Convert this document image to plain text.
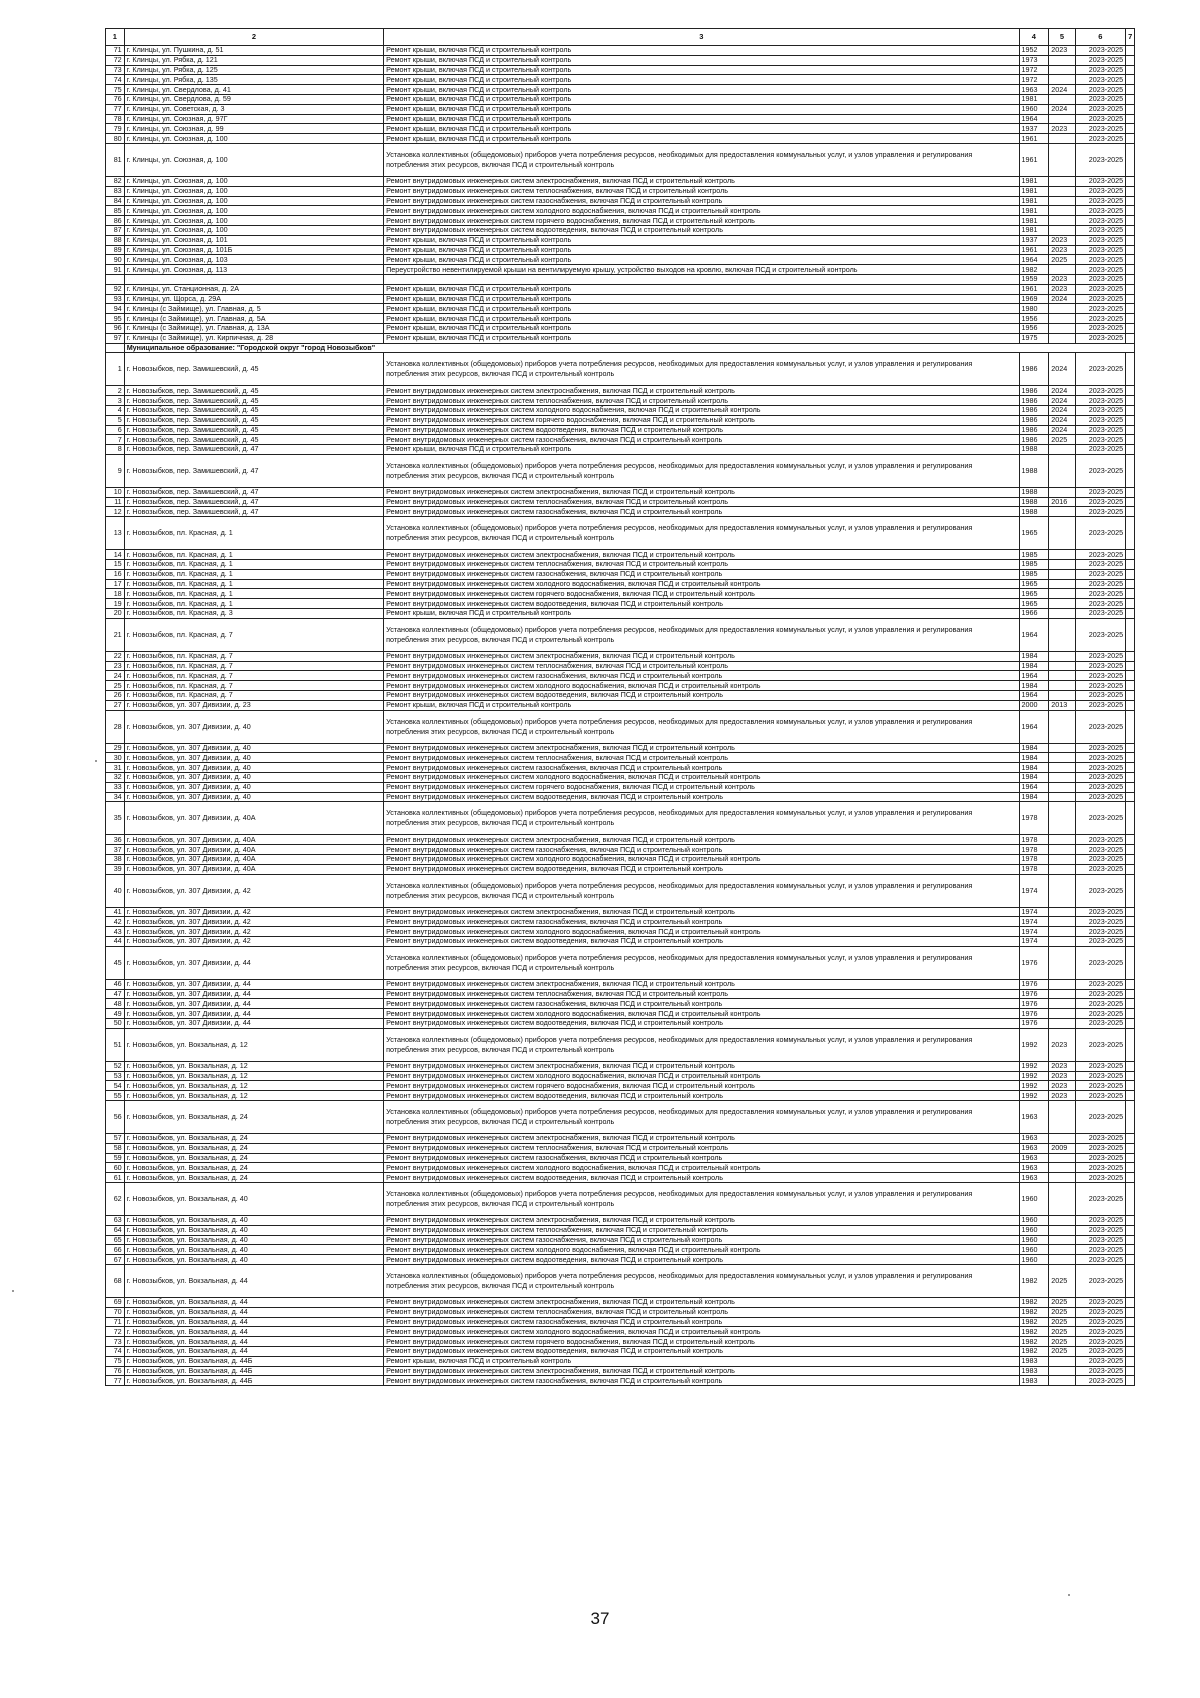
1	2	3	4	5	6	7
71	г. Клинцы, ул. Пушкина, д. 51	Ремонт крыши, включая ПСД и строительный контроль	1952	2023	2023-2025	
72	г. Клинцы, ул. Рябка, д. 121	Ремонт крыши, включая ПСД и строительный контроль	1973		2023-2025	
73	г. Клинцы, ул. Рябка, д. 125	Ремонт крыши, включая ПСД и строительный контроль	1972		2023-2025	
74	г. Клинцы, ул. Рябка, д. 135	Ремонт крыши, включая ПСД и строительный контроль	1972		2023-2025	
75	г. Клинцы, ул. Свердлова, д. 41	Ремонт крыши, включая ПСД и строительный контроль	1963	2024	2023-2025	
76	г. Клинцы, ул. Свердлова, д. 59	Ремонт крыши, включая ПСД и строительный контроль	1981		2023-2025	
77	г. Клинцы, ул. Советская, д. 3	Ремонт крыши, включая ПСД и строительный контроль	1960	2024	2023-2025	
78	г. Клинцы, ул. Союзная, д. 97Г	Ремонт крыши, включая ПСД и строительный контроль	1964		2023-2025	
79	г. Клинцы, ул. Союзная, д. 99	Ремонт крыши, включая ПСД и строительный контроль	1937	2023	2023-2025	
80	г. Клинцы, ул. Союзная, д. 100	Ремонт крыши, включая ПСД и строительный контроль	1961		2023-2025	
81	г. Клинцы, ул. Союзная, д. 100	Установка коллективных (общедомовых) приборов учета потребления ресурсов, необходимых для предоставления коммунальных услуг, и узлов управления и регулирования потребления этих ресурсов, включая ПСД и строительный контроль	1961		2023-2025	
82	г. Клинцы, ул. Союзная, д. 100	Ремонт внутридомовых инженерных систем электроснабжения, включая ПСД и строительный контроль	1981		2023-2025	
83	г. Клинцы, ул. Союзная, д. 100	Ремонт внутридомовых инженерных систем теплоснабжения, включая ПСД и строительный контроль	1981		2023-2025	
84	г. Клинцы, ул. Союзная, д. 100	Ремонт внутридомовых инженерных систем газоснабжения, включая ПСД и строительный контроль	1981		2023-2025	
85	г. Клинцы, ул. Союзная, д. 100	Ремонт внутридомовых инженерных систем холодного водоснабжения, включая ПСД и строительный контроль	1981		2023-2025	
86	г. Клинцы, ул. Союзная, д. 100	Ремонт внутридомовых инженерных систем горячего водоснабжения, включая ПСД и строительный контроль	1981		2023-2025	
87	г. Клинцы, ул. Союзная, д. 100	Ремонт внутридомовых инженерных систем водоотведения, включая ПСД и строительный контроль	1981		2023-2025	
88	г. Клинцы, ул. Союзная, д. 101	Ремонт крыши, включая ПСД и строительный контроль	1937	2023	2023-2025	
89	г. Клинцы, ул. Союзная, д. 101Б	Ремонт крыши, включая ПСД и строительный контроль	1961	2023	2023-2025	
90	г. Клинцы, ул. Союзная, д. 103	Ремонт крыши, включая ПСД и строительный контроль	1964	2025	2023-2025	
91	г. Клинцы, ул. Союзная, д. 113	Переустройство невентилируемой крыши на вентилируемую крышу, устройство выходов на кровлю, включая ПСД и строительный контроль	1982		2023-2025	
			1959	2023	2023-2025	
92	г. Клинцы, ул. Станционная, д. 2А	Ремонт крыши, включая ПСД и строительный контроль	1961	2023	2023-2025	
93	г. Клинцы, ул. Щорса, д. 29А	Ремонт крыши, включая ПСД и строительный контроль	1969	2024	2023-2025	
94	г. Клинцы (с Займище), ул. Главная, д. 5	Ремонт крыши, включая ПСД и строительный контроль	1980		2023-2025	
95	г. Клинцы (с Займище), ул. Главная, д. 5А	Ремонт крыши, включая ПСД и строительный контроль	1956		2023-2025	
96	г. Клинцы (с Займище), ул. Главная, д. 13А	Ремонт крыши, включая ПСД и строительный контроль	1956		2023-2025	
97	г. Клинцы (с Займище), ул. Кирпичная, д. 28	Ремонт крыши, включая ПСД и строительный контроль	1975		2023-2025	
	Муниципальное образование: "Городской округ "город Новозыбков"					
1	г. Новозыбков, пер. Замишевский, д. 45	Установка коллективных (общедомовых) приборов учета потребления ресурсов, необходимых для предоставления коммунальных услуг, и узлов управления и регулирования потребления этих ресурсов, включая ПСД и строительный контроль	1986	2024	2023-2025	
2	г. Новозыбков, пер. Замишевский, д. 45	Ремонт внутридомовых инженерных систем электроснабжения, включая ПСД и строительный контроль	1986	2024	2023-2025	
3	г. Новозыбков, пер. Замишевский, д. 45	Ремонт внутридомовых инженерных систем теплоснабжения, включая ПСД и строительный контроль	1986	2024	2023-2025	
4	г. Новозыбков, пер. Замишевский, д. 45	Ремонт внутридомовых инженерных систем холодного водоснабжения, включая ПСД и строительный контроль	1986	2024	2023-2025	
5	г. Новозыбков, пер. Замишевский, д. 45	Ремонт внутридомовых инженерных систем горячего водоснабжения, включая ПСД и строительный контроль	1986	2024	2023-2025	
6	г. Новозыбков, пер. Замишевский, д. 45	Ремонт внутридомовых инженерных систем водоотведения, включая ПСД и строительный контроль	1986	2024	2023-2025	
7	г. Новозыбков, пер. Замишевский, д. 45	Ремонт внутридомовых инженерных систем газоснабжения, включая ПСД и строительный контроль	1986	2025	2023-2025	
8	г. Новозыбков, пер. Замишевский, д. 47	Ремонт крыши, включая ПСД и строительный контроль	1988		2023-2025	
9	г. Новозыбков, пер. Замишевский, д. 47	Установка коллективных (общедомовых) приборов учета потребления ресурсов, необходимых для предоставления коммунальных услуг, и узлов управления и регулирования потребления этих ресурсов, включая ПСД и строительный контроль	1988		2023-2025	
10	г. Новозыбков, пер. Замишевский, д. 47	Ремонт внутридомовых инженерных систем электроснабжения, включая ПСД и строительный контроль	1988		2023-2025	
11	г. Новозыбков, пер. Замишевский, д. 47	Ремонт внутридомовых инженерных систем теплоснабжения, включая ПСД и строительный контроль	1988	2016	2023-2025	
12	г. Новозыбков, пер. Замишевский, д. 47	Ремонт внутридомовых инженерных систем газоснабжения, включая ПСД и строительный контроль	1988		2023-2025	
13	г. Новозыбков, пл. Красная, д. 1	Установка коллективных (общедомовых) приборов учета потребления ресурсов, необходимых для предоставления коммунальных услуг, и узлов управления и регулирования потребления этих ресурсов, включая ПСД и строительный контроль	1965		2023-2025	
14	г. Новозыбков, пл. Красная, д. 1	Ремонт внутридомовых инженерных систем электроснабжения, включая ПСД и строительный контроль	1985		2023-2025	
15	г. Новозыбков, пл. Красная, д. 1	Ремонт внутридомовых инженерных систем теплоснабжения, включая ПСД и строительный контроль	1985		2023-2025	
16	г. Новозыбков, пл. Красная, д. 1	Ремонт внутридомовых инженерных систем газоснабжения, включая ПСД и строительный контроль	1985		2023-2025	
17	г. Новозыбков, пл. Красная, д. 1	Ремонт внутридомовых инженерных систем холодного водоснабжения, включая ПСД и строительный контроль	1965		2023-2025	
18	г. Новозыбков, пл. Красная, д. 1	Ремонт внутридомовых инженерных систем горячего водоснабжения, включая ПСД и строительный контроль	1965		2023-2025	
19	г. Новозыбков, пл. Красная, д. 1	Ремонт внутридомовых инженерных систем водоотведения, включая ПСД и строительный контроль	1965		2023-2025	
20	г. Новозыбков, пл. Красная, д. 3	Ремонт крыши, включая ПСД и строительный контроль	1966		2023-2025	
21	г. Новозыбков, пл. Красная, д. 7	Установка коллективных (общедомовых) приборов учета потребления ресурсов, необходимых для предоставления коммунальных услуг, и узлов управления и регулирования потребления этих ресурсов, включая ПСД и строительный контроль	1964		2023-2025	
22	г. Новозыбков, пл. Красная, д. 7	Ремонт внутридомовых инженерных систем электроснабжения, включая ПСД и строительный контроль	1984		2023-2025	
23	г. Новозыбков, пл. Красная, д. 7	Ремонт внутридомовых инженерных систем теплоснабжения, включая ПСД и строительный контроль	1984		2023-2025	
24	г. Новозыбков, пл. Красная, д. 7	Ремонт внутридомовых инженерных систем газоснабжения, включая ПСД и строительный контроль	1964		2023-2025	
25	г. Новозыбков, пл. Красная, д. 7	Ремонт внутридомовых инженерных систем холодного водоснабжения, включая ПСД и строительный контроль	1984		2023-2025	
26	г. Новозыбков, пл. Красная, д. 7	Ремонт внутридомовых инженерных систем водоотведения, включая ПСД и строительный контроль	1964		2023-2025	
27	г. Новозыбков, ул. 307 Дивизии, д. 23	Ремонт крыши, включая ПСД и строительный контроль	2000	2013	2023-2025	
28	г. Новозыбков, ул. 307 Дивизии, д. 40	Установка коллективных (общедомовых) приборов учета потребления ресурсов, необходимых для предоставления коммунальных услуг, и узлов управления и регулирования потребления этих ресурсов, включая ПСД и строительный контроль	1964		2023-2025	
29	г. Новозыбков, ул. 307 Дивизии, д. 40	Ремонт внутридомовых инженерных систем электроснабжения, включая ПСД и строительный контроль	1984		2023-2025	
30	г. Новозыбков, ул. 307 Дивизии, д. 40	Ремонт внутридомовых инженерных систем теплоснабжения, включая ПСД и строительный контроль	1984		2023-2025	
31	г. Новозыбков, ул. 307 Дивизии, д. 40	Ремонт внутридомовых инженерных систем газоснабжения, включая ПСД и строительный контроль	1984		2023-2025	
32	г. Новозыбков, ул. 307 Дивизии, д. 40	Ремонт внутридомовых инженерных систем холодного водоснабжения, включая ПСД и строительный контроль	1984		2023-2025	
33	г. Новозыбков, ул. 307 Дивизии, д. 40	Ремонт внутридомовых инженерных систем горячего водоснабжения, включая ПСД и строительный контроль	1964		2023-2025	
34	г. Новозыбков, ул. 307 Дивизии, д. 40	Ремонт внутридомовых инженерных систем водоотведения, включая ПСД и строительный контроль	1984		2023-2025	
35	г. Новозыбков, ул. 307 Дивизии, д. 40А	Установка коллективных (общедомовых) приборов учета потребления ресурсов, необходимых для предоставления коммунальных услуг, и узлов управления и регулирования потребления этих ресурсов, включая ПСД и строительный контроль	1978		2023-2025	
36	г. Новозыбков, ул. 307 Дивизии, д. 40А	Ремонт внутридомовых инженерных систем электроснабжения, включая ПСД и строительный контроль	1978		2023-2025	
37	г. Новозыбков, ул. 307 Дивизии, д. 40А	Ремонт внутридомовых инженерных систем газоснабжения, включая ПСД и строительный контроль	1978		2023-2025	
38	г. Новозыбков, ул. 307 Дивизии, д. 40А	Ремонт внутридомовых инженерных систем холодного водоснабжения, включая ПСД и строительный контроль	1978		2023-2025	
39	г. Новозыбков, ул. 307 Дивизии, д. 40А	Ремонт внутридомовых инженерных систем водоотведения, включая ПСД и строительный контроль	1978		2023-2025	
40	г. Новозыбков, ул. 307 Дивизии, д. 42	Установка коллективных (общедомовых) приборов учета потребления ресурсов, необходимых для предоставления коммунальных услуг, и узлов управления и регулирования потребления этих ресурсов, включая ПСД и строительный контроль	1974		2023-2025	
41	г. Новозыбков, ул. 307 Дивизии, д. 42	Ремонт внутридомовых инженерных систем электроснабжения, включая ПСД и строительный контроль	1974		2023-2025	
42	г. Новозыбков, ул. 307 Дивизии, д. 42	Ремонт внутридомовых инженерных систем газоснабжения, включая ПСД и строительный контроль	1974		2023-2025	
43	г. Новозыбков, ул. 307 Дивизии, д. 42	Ремонт внутридомовых инженерных систем холодного водоснабжения, включая ПСД и строительный контроль	1974		2023-2025	
44	г. Новозыбков, ул. 307 Дивизии, д. 42	Ремонт внутридомовых инженерных систем водоотведения, включая ПСД и строительный контроль	1974		2023-2025	
45	г. Новозыбков, ул. 307 Дивизии, д. 44	Установка коллективных (общедомовых) приборов учета потребления ресурсов, необходимых для предоставления коммунальных услуг, и узлов управления и регулирования потребления этих ресурсов, включая ПСД и строительный контроль	1976		2023-2025	
46	г. Новозыбков, ул. 307 Дивизии, д. 44	Ремонт внутридомовых инженерных систем электроснабжения, включая ПСД и строительный контроль	1976		2023-2025	
47	г. Новозыбков, ул. 307 Дивизии, д. 44	Ремонт внутридомовых инженерных систем теплоснабжения, включая ПСД и строительный контроль	1976		2023-2025	
48	г. Новозыбков, ул. 307 Дивизии, д. 44	Ремонт внутридомовых инженерных систем газоснабжения, включая ПСД и строительный контроль	1976		2023-2025	
49	г. Новозыбков, ул. 307 Дивизии, д. 44	Ремонт внутридомовых инженерных систем холодного водоснабжения, включая ПСД и строительный контроль	1976		2023-2025	
50	г. Новозыбков, ул. 307 Дивизии, д. 44	Ремонт внутридомовых инженерных систем водоотведения, включая ПСД и строительный контроль	1976		2023-2025	
51	г. Новозыбков, ул. Вокзальная, д. 12	Установка коллективных (общедомовых) приборов учета потребления ресурсов, необходимых для предоставления коммунальных услуг, и узлов управления и регулирования потребления этих ресурсов, включая ПСД и строительный контроль	1992	2023	2023-2025	
52	г. Новозыбков, ул. Вокзальная, д. 12	Ремонт внутридомовых инженерных систем электроснабжения, включая ПСД и строительный контроль	1992	2023	2023-2025	
53	г. Новозыбков, ул. Вокзальная, д. 12	Ремонт внутридомовых инженерных систем холодного водоснабжения, включая ПСД и строительный контроль	1992	2023	2023-2025	
54	г. Новозыбков, ул. Вокзальная, д. 12	Ремонт внутридомовых инженерных систем горячего водоснабжения, включая ПСД и строительный контроль	1992	2023	2023-2025	
55	г. Новозыбков, ул. Вокзальная, д. 12	Ремонт внутридомовых инженерных систем водоотведения, включая ПСД и строительный контроль	1992	2023	2023-2025	
56	г. Новозыбков, ул. Вокзальная, д. 24	Установка коллективных (общедомовых) приборов учета потребления ресурсов, необходимых для предоставления коммунальных услуг, и узлов управления и регулирования потребления этих ресурсов, включая ПСД и строительный контроль	1963		2023-2025	
57	г. Новозыбков, ул. Вокзальная, д. 24	Ремонт внутридомовых инженерных систем электроснабжения, включая ПСД и строительный контроль	1963		2023-2025	
58	г. Новозыбков, ул. Вокзальная, д. 24	Ремонт внутридомовых инженерных систем теплоснабжения, включая ПСД и строительный контроль	1963	2009	2023-2025	
59	г. Новозыбков, ул. Вокзальная, д. 24	Ремонт внутридомовых инженерных систем газоснабжения, включая ПСД и строительный контроль	1963		2023-2025	
60	г. Новозыбков, ул. Вокзальная, д. 24	Ремонт внутридомовых инженерных систем холодного водоснабжения, включая ПСД и строительный контроль	1963		2023-2025	
61	г. Новозыбков, ул. Вокзальная, д. 24	Ремонт внутридомовых инженерных систем водоотведения, включая ПСД и строительный контроль	1963		2023-2025	
62	г. Новозыбков, ул. Вокзальная, д. 40	Установка коллективных (общедомовых) приборов учета потребления ресурсов, необходимых для предоставления коммунальных услуг, и узлов управления и регулирования потребления этих ресурсов, включая ПСД и строительный контроль	1960		2023-2025	
63	г. Новозыбков, ул. Вокзальная, д. 40	Ремонт внутридомовых инженерных систем электроснабжения, включая ПСД и строительный контроль	1960		2023-2025	
64	г. Новозыбков, ул. Вокзальная, д. 40	Ремонт внутридомовых инженерных систем теплоснабжения, включая ПСД и строительный контроль	1960		2023-2025	
65	г. Новозыбков, ул. Вокзальная, д. 40	Ремонт внутридомовых инженерных систем газоснабжения, включая ПСД и строительный контроль	1960		2023-2025	
66	г. Новозыбков, ул. Вокзальная, д. 40	Ремонт внутридомовых инженерных систем холодного водоснабжения, включая ПСД и строительный контроль	1960		2023-2025	
67	г. Новозыбков, ул. Вокзальная, д. 40	Ремонт внутридомовых инженерных систем водоотведения, включая ПСД и строительный контроль	1960		2023-2025	
68	г. Новозыбков, ул. Вокзальная, д. 44	Установка коллективных (общедомовых) приборов учета потребления ресурсов, необходимых для предоставления коммунальных услуг, и узлов управления и регулирования потребления этих ресурсов, включая ПСД и строительный контроль	1982	2025	2023-2025	
69	г. Новозыбков, ул. Вокзальная, д. 44	Ремонт внутридомовых инженерных систем электроснабжения, включая ПСД и строительный контроль	1982	2025	2023-2025	
70	г. Новозыбков, ул. Вокзальная, д. 44	Ремонт внутридомовых инженерных систем теплоснабжения, включая ПСД и строительный контроль	1982	2025	2023-2025	
71	г. Новозыбков, ул. Вокзальная, д. 44	Ремонт внутридомовых инженерных систем газоснабжения, включая ПСД и строительный контроль	1982	2025	2023-2025	
72	г. Новозыбков, ул. Вокзальная, д. 44	Ремонт внутридомовых инженерных систем холодного водоснабжения, включая ПСД и строительный контроль	1982	2025	2023-2025	
73	г. Новозыбков, ул. Вокзальная, д. 44	Ремонт внутридомовых инженерных систем горячего водоснабжения, включая ПСД и строительный контроль	1982	2025	2023-2025	
74	г. Новозыбков, ул. Вокзальная, д. 44	Ремонт внутридомовых инженерных систем водоотведения, включая ПСД и строительный контроль	1982	2025	2023-2025	
75	г. Новозыбков, ул. Вокзальная, д. 44Б	Ремонт крыши, включая ПСД и строительный контроль	1983		2023-2025	
76	г. Новозыбков, ул. Вокзальная, д. 44Б	Ремонт внутридомовых инженерных систем электроснабжения, включая ПСД и строительный контроль	1983		2023-2025	
77	г. Новозыбков, ул. Вокзальная, д. 44Б	Ремонт внутридомовых инженерных систем газоснабжения, включая ПСД и строительный контроль	1983		2023-2025	
37
